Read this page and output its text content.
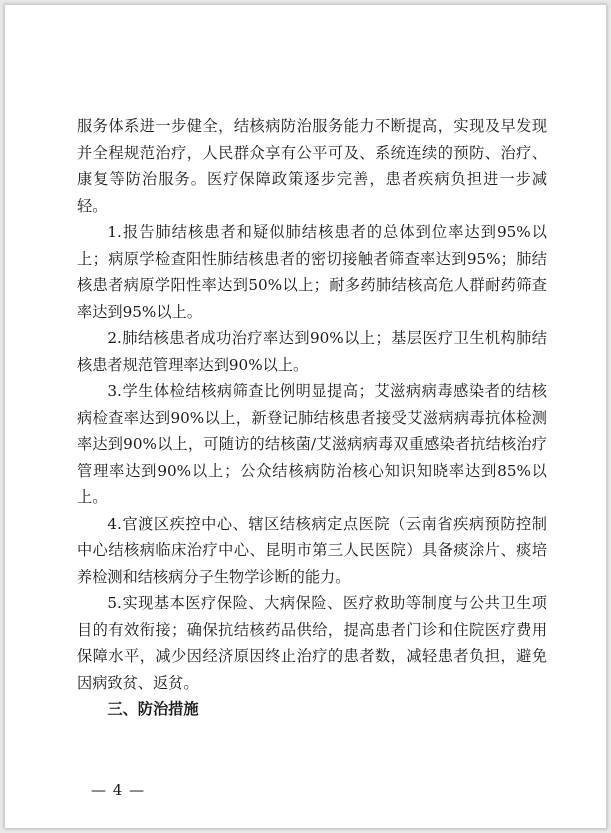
服务体系进一步健全，结核病防治服务能力不断提高，实现及早发现并全程规范治疗，人民群众享有公平可及、系统连续的预防、治疗、康复等防治服务。医疗保障政策逐步完善，患者疾病负担进一步减轻。

1.报告肺结核患者和疑似肺结核患者的总体到位率达到95%以上；病原学检查阳性肺结核患者的密切接触者筛查率达到95%；肺结核患者病原学阳性率达到50%以上；耐多药肺结核高危人群耐药筛查率达到95%以上。

2.肺结核患者成功治疗率达到90%以上；基层医疗卫生机构肺结核患者规范管理率达到90%以上。

3.学生体检结核病筛查比例明显提高；艾滋病病毒感染者的结核病检查率达到90%以上，新登记肺结核患者接受艾滋病病毒抗体检测率达到90%以上，可随访的结核菌/艾滋病病毒双重感染者抗结核治疗管理率达到90%以上；公众结核病防治核心知识知晓率达到85%以上。

4.官渡区疾控中心、辖区结核病定点医院（云南省疾病预防控制中心结核病临床治疗中心、昆明市第三人民医院）具备痰涂片、痰培养检测和结核病分子生物学诊断的能力。

5.实现基本医疗保险、大病保险、医疗救助等制度与公共卫生项目的有效衔接；确保抗结核药品供给，提高患者门诊和住院医疗费用保障水平，减少因经济原因终止治疗的患者数，减轻患者负担，避免因病致贫、返贫。

三、防治措施

— 4 —
